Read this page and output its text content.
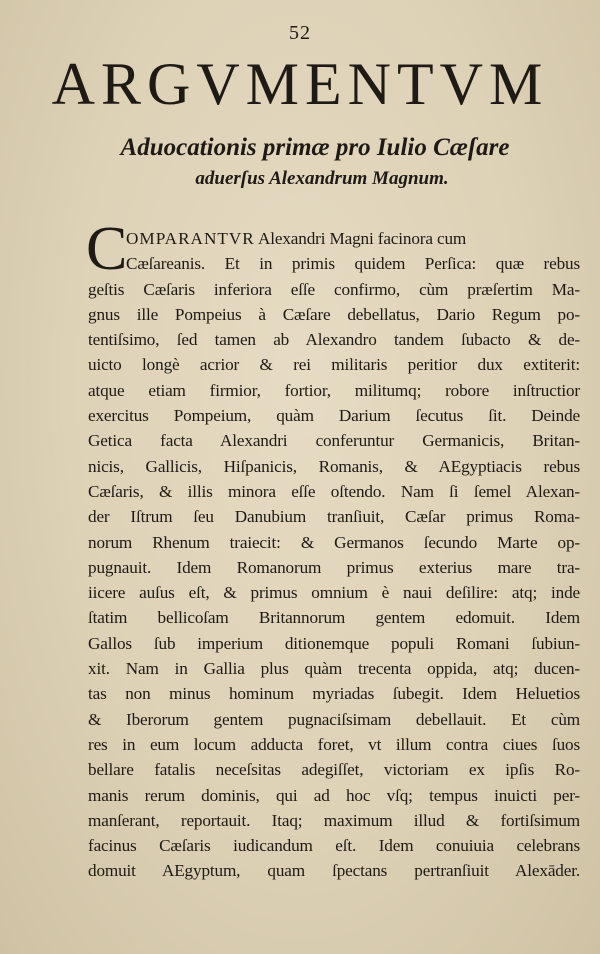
52
ARGVMENTVM
Aduocationis primæ pro Iulio Cæſare
aduerſus Alexandrum Magnum.
C
OMPARANTVR Alexandri Magni facinora cum
Cæſareanis. Et in primis quidem Perſica: quæ rebus
geſtis Cæſaris inferiora eſſe confirmo, cùm præſertim Ma-
gnus ille Pompeius à Cæſare debellatus, Dario Regum po-
tentiſsimo, ſed tamen ab Alexandro tandem ſubacto & de-
uicto longè acrior & rei militaris peritior dux extiterit:
atque etiam firmior, fortior, militumq; robore inſtructior
exercitus Pompeium, quàm Darium ſecutus ſit. Deinde
Getica facta Alexandri conferuntur Germanicis, Britan-
nicis, Gallicis, Hiſpanicis, Romanis, & AEgyptiacis rebus
Cæſaris, & illis minora eſſe oſtendo. Nam ſi ſemel Alexan-
der Iſtrum ſeu Danubium tranſiuit, Cæſar primus Roma-
norum Rhenum traiecit: & Germanos ſecundo Marte op-
pugnauit. Idem Romanorum primus exterius mare tra-
iicere auſus eſt, & primus omnium è naui deſilire: atq; inde
ſtatim bellicoſam Britannorum gentem edomuit. Idem
Gallos ſub imperium ditionemque populi Romani ſubiun-
xit. Nam in Gallia plus quàm trecenta oppida, atq; ducen-
tas non minus hominum myriadas ſubegit. Idem Heluetios
& Iberorum gentem pugnaciſsimam debellauit. Et cùm
res in eum locum adducta foret, vt illum contra ciues ſuos
bellare fatalis neceſsitas adegiſſet, victoriam ex ipſis Ro-
manis rerum dominis, qui ad hoc vſq; tempus inuicti per-
manſerant, reportauit. Itaq; maximum illud & fortiſsimum
facinus Cæſaris iudicandum eſt. Idem conuiuia celebrans
domuit AEgyptum, quam ſpectans pertranſiuit Alexāder.
